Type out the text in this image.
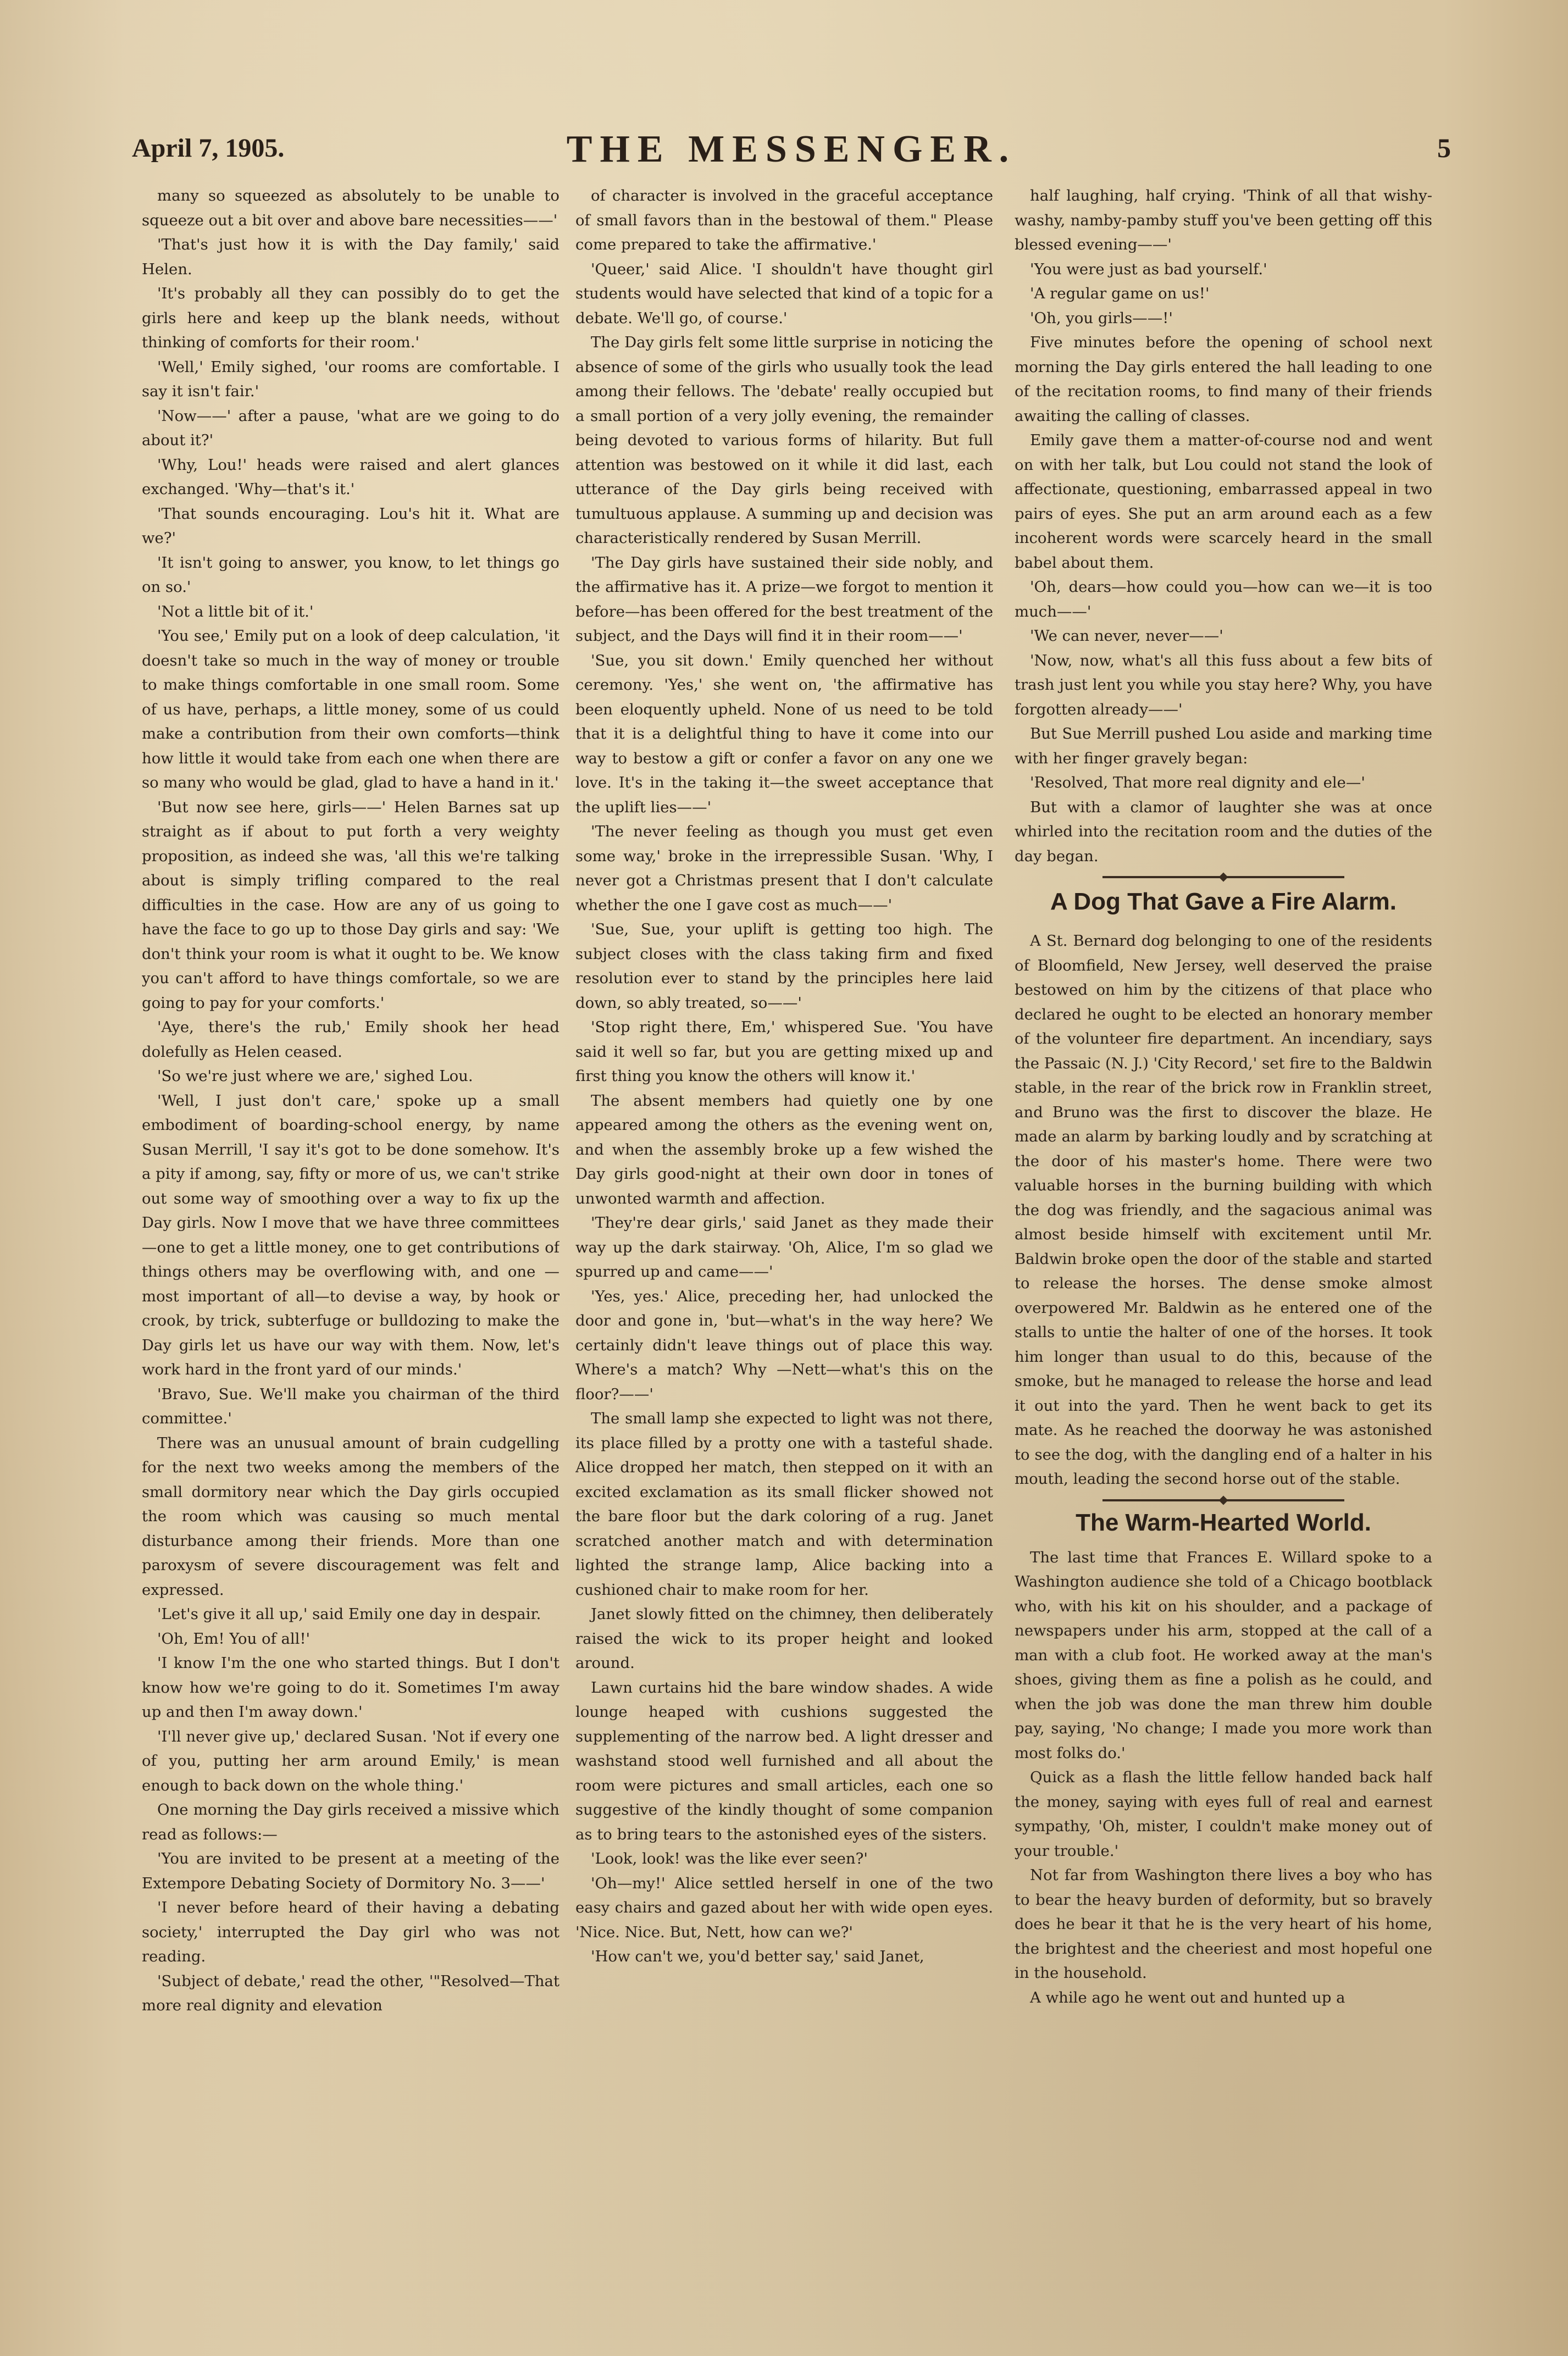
April 7, 1905.	THE MESSENGER.	5

many so squeezed as absolutely to be unable to squeeze out a bit over and above bare necessities——'

'That's just how it is with the Day family,' said Helen.

'It's probably all they can possibly do to get the girls here and keep up the blank needs, without thinking of comforts for their room.'

'Well,' Emily sighed, 'our rooms are comfortable. I say it isn't fair.'

'Now——' after a pause, 'what are we going to do about it?'

'Why, Lou!' heads were raised and alert glances exchanged. 'Why—that's it.'

'That sounds encouraging. Lou's hit it. What are we?'

'It isn't going to answer, you know, to let things go on so.'

'Not a little bit of it.'

'You see,' Emily put on a look of deep calculation, 'it doesn't take so much in the way of money or trouble to make things comfortable in one small room. Some of us have, perhaps, a little money, some of us could make a contribution from their own comforts—think how little it would take from each one when there are so many who would be glad, glad to have a hand in it.'

'But now see here, girls——' Helen Barnes sat up straight as if about to put forth a very weighty proposition, as indeed she was, 'all this we're talking about is simply trifling compared to the real difficulties in the case. How are any of us going to have the face to go up to those Day girls and say: 'We don't think your room is what it ought to be. We know you can't afford to have things comfortale, so we are going to pay for your comforts.'

'Aye, there's the rub,' Emily shook her head dolefully as Helen ceased.

'So we're just where we are,' sighed Lou.

'Well, I just don't care,' spoke up a small embodiment of boarding-school energy, by name Susan Merrill, 'I say it's got to be done somehow. It's a pity if among, say, fifty or more of us, we can't strike out some way of smoothing over a way to fix up the Day girls. Now I move that we have three committees—one to get a little money, one to get contributions of things others may be overflowing with, and one —most important of all—to devise a way, by hook or crook, by trick, subterfuge or bulldozing to make the Day girls let us have our way with them. Now, let's work hard in the front yard of our minds.'

'Bravo, Sue. We'll make you chairman of the third committee.'

There was an unusual amount of brain cudgelling for the next two weeks among the members of the small dormitory near which the Day girls occupied the room which was causing so much mental disturbance among their friends. More than one paroxysm of severe discouragement was felt and expressed.

'Let's give it all up,' said Emily one day in despair.

'Oh, Em! You of all!'

'I know I'm the one who started things. But I don't know how we're going to do it. Sometimes I'm away up and then I'm away down.'

'I'll never give up,' declared Susan. 'Not if every one of you, putting her arm around Emily,' is mean enough to back down on the whole thing.'

One morning the Day girls received a missive which read as follows:—

'You are invited to be present at a meeting of the Extempore Debating Society of Dormitory No. 3——'

'I never before heard of their having a debating society,' interrupted the Day girl who was not reading.

'Subject of debate,' read the other, '"Resolved—That more real dignity and elevation

of character is involved in the graceful acceptance of small favors than in the bestowal of them." Please come prepared to take the affirmative.'

'Queer,' said Alice. 'I shouldn't have thought girl students would have selected that kind of a topic for a debate. We'll go, of course.'

The Day girls felt some little surprise in noticing the absence of some of the girls who usually took the lead among their fellows. The 'debate' really occupied but a small portion of a very jolly evening, the remainder being devoted to various forms of hilarity. But full attention was bestowed on it while it did last, each utterance of the Day girls being received with tumultuous applause. A summing up and decision was characteristically rendered by Susan Merrill.

'The Day girls have sustained their side nobly, and the affirmative has it. A prize—we forgot to mention it before—has been offered for the best treatment of the subject, and the Days will find it in their room——'

'Sue, you sit down.' Emily quenched her without ceremony. 'Yes,' she went on, 'the affirmative has been eloquently upheld. None of us need to be told that it is a delightful thing to have it come into our way to bestow a gift or confer a favor on any one we love. It's in the taking it—the sweet acceptance that the uplift lies——'

'The never feeling as though you must get even some way,' broke in the irrepressible Susan. 'Why, I never got a Christmas present that I don't calculate whether the one I gave cost as much——'

'Sue, Sue, your uplift is getting too high. The subject closes with the class taking firm and fixed resolution ever to stand by the principles here laid down, so ably treated, so——'

'Stop right there, Em,' whispered Sue. 'You have said it well so far, but you are getting mixed up and first thing you know the others will know it.'

The absent members had quietly one by one appeared among the others as the evening went on, and when the assembly broke up a few wished the Day girls good-night at their own door in tones of unwonted warmth and affection.

'They're dear girls,' said Janet as they made their way up the dark stairway. 'Oh, Alice, I'm so glad we spurred up and came——'

'Yes, yes.' Alice, preceding her, had unlocked the door and gone in, 'but—what's in the way here? We certainly didn't leave things out of place this way. Where's a match? Why —Nett—what's this on the floor?——'

The small lamp she expected to light was not there, its place filled by a protty one with a tasteful shade. Alice dropped her match, then stepped on it with an excited exclamation as its small flicker showed not the bare floor but the dark coloring of a rug. Janet scratched another match and with determination lighted the strange lamp, Alice backing into a cushioned chair to make room for her.

Janet slowly fitted on the chimney, then deliberately raised the wick to its proper height and looked around.

Lawn curtains hid the bare window shades. A wide lounge heaped with cushions suggested the supplementing of the narrow bed. A light dresser and washstand stood well furnished and all about the room were pictures and small articles, each one so suggestive of the kindly thought of some companion as to bring tears to the astonished eyes of the sisters.

'Look, look! was the like ever seen?'

'Oh—my!' Alice settled herself in one of the two easy chairs and gazed about her with wide open eyes. 'Nice. Nice. But, Nett, how can we?'

'How can't we, you'd better say,' said Janet,

half laughing, half crying. 'Think of all that wishy-washy, namby-pamby stuff you've been getting off this blessed evening——'

'You were just as bad yourself.'

'A regular game on us!'

'Oh, you girls——!'

Five minutes before the opening of school next morning the Day girls entered the hall leading to one of the recitation rooms, to find many of their friends awaiting the calling of classes.

Emily gave them a matter-of-course nod and went on with her talk, but Lou could not stand the look of affectionate, questioning, embarrassed appeal in two pairs of eyes. She put an arm around each as a few incoherent words were scarcely heard in the small babel about them.

'Oh, dears—how could you—how can we—it is too much——'

'We can never, never——'

'Now, now, what's all this fuss about a few bits of trash just lent you while you stay here? Why, you have forgotten already——'

But Sue Merrill pushed Lou aside and marking time with her finger gravely began:

'Resolved, That more real dignity and ele—'

But with a clamor of laughter she was at once whirled into the recitation room and the duties of the day began.

A Dog That Gave a Fire Alarm.

A St. Bernard dog belonging to one of the residents of Bloomfield, New Jersey, well deserved the praise bestowed on him by the citizens of that place who declared he ought to be elected an honorary member of the volunteer fire department. An incendiary, says the Passaic (N. J.) 'City Record,' set fire to the Baldwin stable, in the rear of the brick row in Franklin street, and Bruno was the first to discover the blaze. He made an alarm by barking loudly and by scratching at the door of his master's home. There were two valuable horses in the burning building with which the dog was friendly, and the sagacious animal was almost beside himself with excitement until Mr. Baldwin broke open the door of the stable and started to release the horses. The dense smoke almost overpowered Mr. Baldwin as he entered one of the stalls to untie the halter of one of the horses. It took him longer than usual to do this, because of the smoke, but he managed to release the horse and lead it out into the yard. Then he went back to get its mate. As he reached the doorway he was astonished to see the dog, with the dangling end of a halter in his mouth, leading the second horse out of the stable.

The Warm-Hearted World.

The last time that Frances E. Willard spoke to a Washington audience she told of a Chicago bootblack who, with his kit on his shoulder, and a package of newspapers under his arm, stopped at the call of a man with a club foot. He worked away at the man's shoes, giving them as fine a polish as he could, and when the job was done the man threw him double pay, saying, 'No change; I made you more work than most folks do.'

Quick as a flash the little fellow handed back half the money, saying with eyes full of real and earnest sympathy, 'Oh, mister, I couldn't make money out of your trouble.'

Not far from Washington there lives a boy who has to bear the heavy burden of deformity, but so bravely does he bear it that he is the very heart of his home, the brightest and the cheeriest and most hopeful one in the household.

A while ago he went out and hunted up a
